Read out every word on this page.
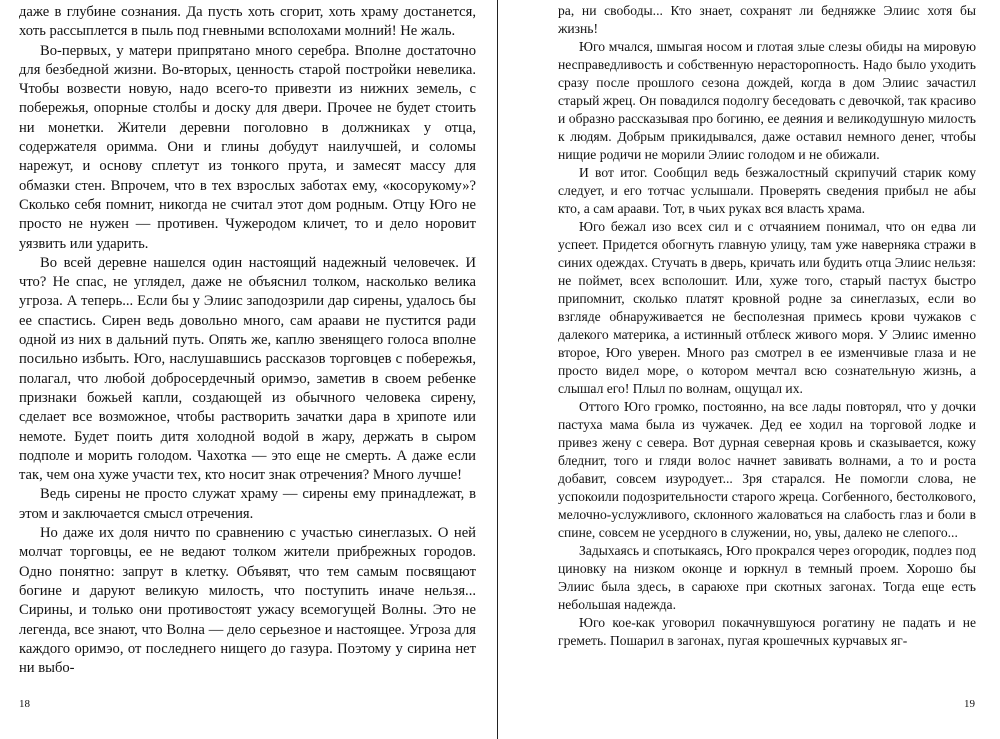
даже в глубине сознания. Да пусть хоть сгорит, хоть храму достанется, хоть рассыплется в пыль под гневными всполохами молний! Не жаль.

Во-первых, у матери припрятано много серебра. Вполне достаточно для безбедной жизни. Во-вторых, ценность старой постройки невелика. Чтобы возвести новую, надо всего-то привезти из нижних земель, с побережья, опорные столбы и доску для двери. Прочее не будет стоить ни монетки. Жители деревни поголовно в должниках у отца, содержателя оримма. Они и глины добудут наилучшей, и соломы нарежут, и основу сплетут из тонкого прута, и замесят массу для обмазки стен. Впрочем, что в тех взрослых заботах ему, «косорукому»? Сколько себя помнит, никогда не считал этот дом родным. Отцу Юго не просто не нужен — противен. Чужеродом кличет, то и дело норовит уязвить или ударить.

Во всей деревне нашелся один настоящий надежный человечек. И что? Не спас, не углядел, даже не объяснил толком, насколько велика угроза. А теперь... Если бы у Элиис заподозрили дар сирены, удалось бы ее спастись. Сирен ведь довольно много, сам араави не пустится ради одной из них в дальний путь. Опять же, каплю звенящего голоса вполне посильно избыть. Юго, наслушавшись рассказов торговцев с побережья, полагал, что любой добросердечный оримэо, заметив в своем ребенке признаки божьей капли, создающей из обычного человека сирену, сделает все возможное, чтобы растворить зачатки дара в хрипоте или немоте. Будет поить дитя холодной водой в жару, держать в сыром подполе и морить голодом. Чахотка — это еще не смерть. А даже если так, чем она хуже участи тех, кто носит знак отречения? Много лучше!

Ведь сирены не просто служат храму — сирены ему принадлежат, в этом и заключается смысл отречения.

Но даже их доля ничто по сравнению с участью синеглазых. О ней молчат торговцы, ее не ведают толком жители прибрежных городов. Одно понятно: запрут в клетку. Объявят, что тем самым посвящают богине и даруют великую милость, что поступить иначе нельзя... Сирины, и только они противостоят ужасу всемогущей Волны. Это не легенда, все знают, что Волна — дело серьезное и настоящее. Угроза для каждого оримэо, от последнего нищего до газура. Поэтому у сирина нет ни выбо-

18

ра, ни свободы... Кто знает, сохранят ли бедняжке Элиис хотя бы жизнь!

Юго мчался, шмыгая носом и глотая злые слезы обиды на мировую несправедливость и собственную нерасторопность. Надо было уходить сразу после прошлого сезона дождей, когда в дом Элиис зачастил старый жрец. Он повадился подолгу беседовать с девочкой, так красиво и образно рассказывая про богиню, ее деяния и великодушную милость к людям. Добрым прикидывался, даже оставил немного денег, чтобы нищие родичи не морили Элиис голодом и не обижали.

И вот итог. Сообщил ведь безжалостный скрипучий старик кому следует, и его тотчас услышали. Проверять сведения прибыл не абы кто, а сам араави. Тот, в чьих руках вся власть храма.

Юго бежал изо всех сил и с отчаянием понимал, что он едва ли успеет. Придется обогнуть главную улицу, там уже наверняка стражи в синих одеждах. Стучать в дверь, кричать или будить отца Элиис нельзя: не поймет, всех всполошит. Или, хуже того, старый пастух быстро припомнит, сколько платят кровной родне за синеглазых, если во взгляде обнаруживается не бесполезная примесь крови чужаков с далекого материка, а истинный отблеск живого моря. У Элиис именно второе, Юго уверен. Много раз смотрел в ее изменчивые глаза и не просто видел море, о котором мечтал всю сознательную жизнь, а слышал его! Плыл по волнам, ощущал их.

Оттого Юго громко, постоянно, на все лады повторял, что у дочки пастуха мама была из чужачек. Дед ее ходил на торговой лодке и привез жену с севера. Вот дурная северная кровь и сказывается, кожу бледнит, того и гляди волос начнет завивать волнами, а то и роста добавит, совсем изуродует... Зря старался. Не помогли слова, не успокоили подозрительности старого жреца. Согбенного, бестолкового, мелочно-услужливого, склонного жаловаться на слабость глаз и боли в спине, совсем не усердного в служении, но, увы, далеко не слепого...

Задыхаясь и спотыкаясь, Юго прокрался через огородик, подлез под циновку на низком оконце и юркнул в темный проем. Хорошо бы Элиис была здесь, в сараюхе при скотных загонах. Тогда еще есть небольшая надежда.

Юго кое-как уговорил покачнувшуюся рогатину не падать и не греметь. Пошарил в загонах, пугая крошечных курчавых яг-

19
